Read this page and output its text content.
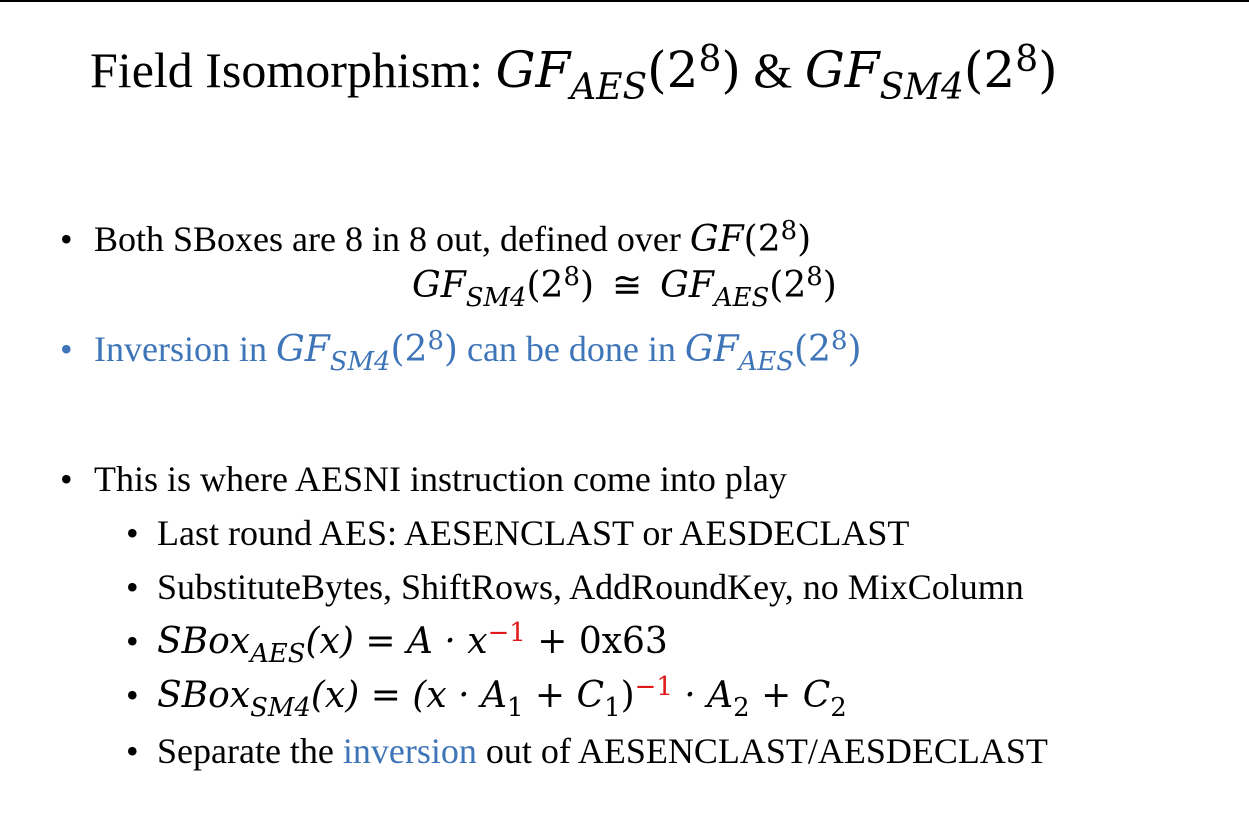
Field Isomorphism: $GF_{AES}(2^8)$ & $GF_{SM4}(2^8)$
• Both SBoxes are 8 in 8 out, defined over $GF(2^8)$
$GF_{SM4}(2^8)$  ≅  $GF_{AES}(2^8)$
• Inversion in $GF_{SM4}(2^8)$ can be done in $GF_{AES}(2^8)$
• This is where AESNI instruction come into play
• Last round AES: AESENCLAST or AESDECLAST
• SubstituteBytes, ShiftRows, AddRoundKey, no MixColumn
• SBox$_{AES}$(x) = $A \cdot x^{-1} + 0x63$
• SBox$_{SM4}$(x) = $(x \cdot A_1 + C_1)^{-1} \cdot A_2 + C_2$
• Separate the inversion out of AESENCLAST/AESDECLAST
